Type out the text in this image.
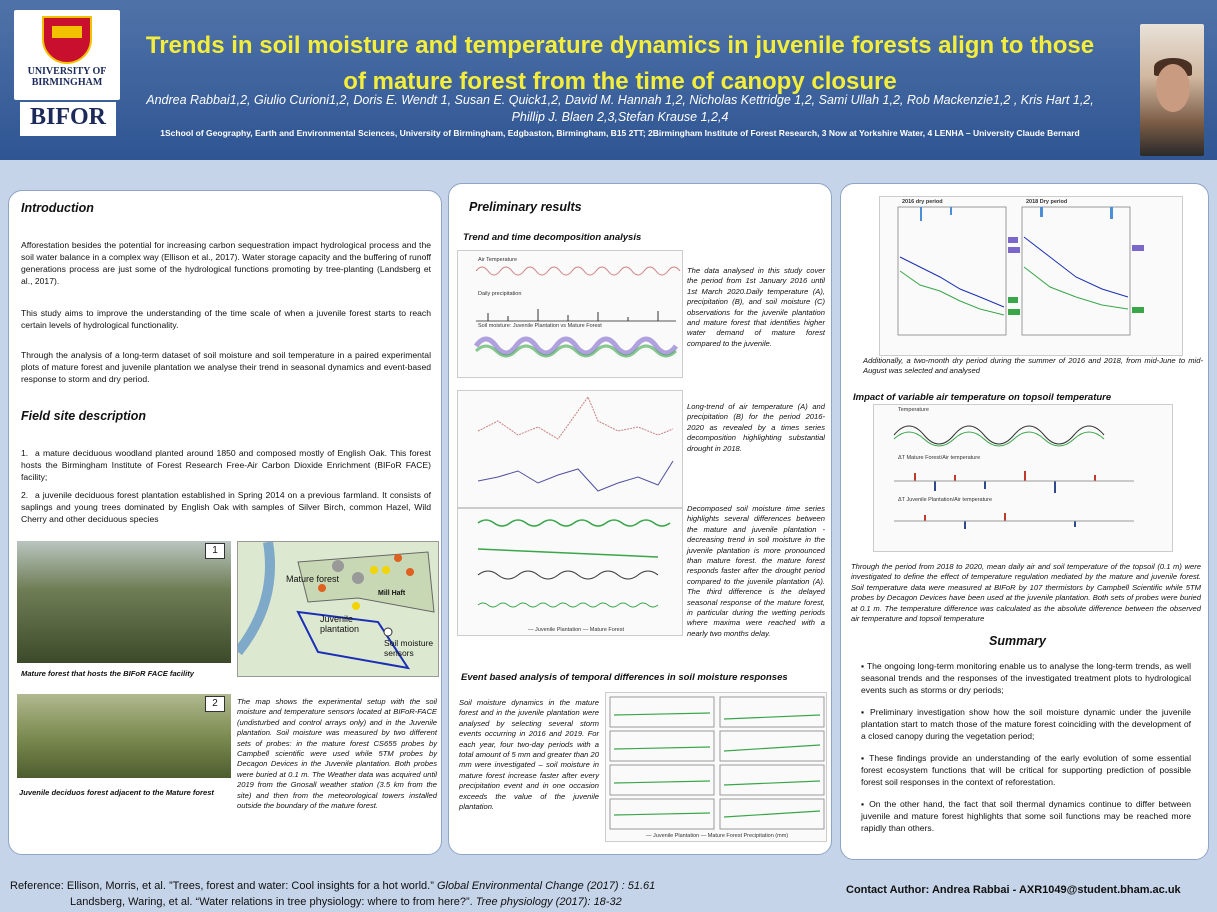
UNIVERSITY OF BIRMINGHAM
BIFOR
Trends in soil moisture and temperature dynamics in juvenile forests align to those
of mature forest from the time of canopy closure
Andrea Rabbai1,2, Giulio Curioni1,2, Doris E. Wendt 1, Susan E. Quick1,2, David M. Hannah 1,2, Nicholas Kettridge 1,2, Sami Ullah 1,2, Rob Mackenzie1,2 , Kris Hart 1,2,
Phillip J. Blaen 2,3,Stefan Krause 1,2,4
1School of Geography, Earth and Environmental Sciences, University of Birmingham, Edgbaston, Birmingham, B15 2TT; 2Birmingham Institute of Forest Research, 3 Now at Yorkshire Water, 4 LENHA – University Claude Bernard
Introduction
Afforestation besides the potential for increasing carbon sequestration impact hydrological process and the soil water balance in a complex way (Ellison et al., 2017). Water storage capacity and the buffering of runoff generations process are just some of the hydrological functions promoting by tree-planting (Landsberg et al., 2017).
This study aims to improve the understanding of the time scale of when a juvenile forest starts to reach certain levels of hydrological functionality.
Through the analysis of a long-term dataset of soil moisture and soil temperature in a paired experimental plots of mature forest and juvenile plantation we analyse their trend in seasonal dynamics and event-based response to storm and dry period.
Field site description
1. a mature deciduous woodland planted around 1850 and composed mostly of English Oak. This forest hosts the Birmingham Institute of Forest Research Free-Air Carbon Dioxide Enrichment (BIFoR FACE) facility;
2. a juvenile deciduous forest plantation established in Spring 2014 on a previous farmland. It consists of saplings and young trees dominated by English Oak with samples of Silver Birch, common Hazel, Wild Cherry and other deciduous species
1
Mature forest that hosts the BIFoR FACE facility
Mature forest
Mill Haft
Juvenile plantation
Soil moisture sensors
2
Juvenile deciduos forest adjacent to the Mature forest
The map shows the experimental setup with the soil moisture and temperature sensors located at BIFoR-FACE (undisturbed and control arrays only) and in the Juvenile plantation. Soil moisture was measured by two different sets of probes: in the mature forest CS655 probes by Campbell scientific were used while 5TM probes by Decagon Devices in the Juvenile plantation. Both probes were buried at 0.1 m. The Weather data was acquired until 2019 from the Gnosall weather station (3.5 km from the site) and then from the meteorological towers installed outside the boundary of the mature forest.
Preliminary results
Trend and time decomposition analysis
Air Temperature
Daily precipitation
Soil moisture: Juvenile Plantation vs Mature Forest
The data analysed in this study cover the period from 1st January 2016 until 1st March 2020.Daily temperature (A), precipitation (B), and soil moisture (C) observations for the juvenile plantation and mature forest that identifies higher water demand of mature forest compared to the juvenile.
Long-trend of air temperature (A) and precipitation (B) for the period 2016-2020 as revealed by a times series decomposition highlighting substantial drought in 2018.
— Juvenile Plantation — Mature Forest
Decomposed soil moisture time series highlights several differences between the mature and juvenile plantation - decreasing trend in soil moisture in the juvenile plantation is more pronounced than mature forest. the mature forest responds faster after the drought period compared to the juvenile plantation (A). The third difference is the delayed seasonal response of the mature forest, in particular during the wetting periods where maxima were reached with a nearly two months delay.
Event based analysis of temporal differences in soil moisture responses
Soil moisture dynamics in the mature forest and in the juvenile plantation were analysed by selecting several storm events occurring in 2016 and 2019. For each year, four two-day periods with a total amount of 5 mm and greater than 20 mm were investigated – soil moisture in mature forest increase faster after every precipitation event and in one occasion exceeds the value of the juvenile plantation.
— Juvenile Plantation — Mature Forest Precipitation (mm)
2016 dry period	2018 Dry period
Additionally, a two-month dry period during the summer of 2016 and 2018, from mid-June to mid-August was selected and analysed
Impact of variable air temperature on topsoil temperature
Temperature
ΔT Mature Forest/Air temperature
ΔT Juvenile Plantation/Air temperature
Through the period from 2018 to 2020, mean daily air and soil temperature of the topsoil (0.1 m) were investigated to define the effect of temperature regulation mediated by the mature and juvenile forest. Soil temperature data were measured at BIFoR by 107 thermistors by Campbell Scientific while 5TM probes by Decagon Devices have been used at the juvenile plantation. Both sets of probes were buried at 0.1 m. The temperature difference was calculated as the absolute difference between the observed air temperature and topsoil temperature
Summary
▪ The ongoing long-term monitoring enable us to analyse the long-term trends, as well seasonal trends and the responses of the investigated treatment plots to hydrological events such as storms or dry periods;
▪ Preliminary investigation show how the soil moisture dynamic under the juvenile plantation start to match those of the mature forest coinciding with the development of a closed canopy during the vegetation period;
▪ These findings provide an understanding of the early evolution of some essential forest ecosystem functions that will be critical for supporting prediction of possible forest soil responses in the context of reforestation.
▪ On the other hand, the fact that soil thermal dynamics continue to differ between juvenile and mature forest highlights that some soil functions may be reached more rapidly than others.
Reference: Ellison, Morris, et al. ”Trees, forest and water: Cool insights for a hot world.” Global Environmental Change (2017) : 51.61
Landsberg, Waring, et al. “Water relations in tree physiology: where to from here?”. Tree physiology (2017): 18-32
Contact Author: Andrea Rabbai - AXR1049@student.bham.ac.uk
